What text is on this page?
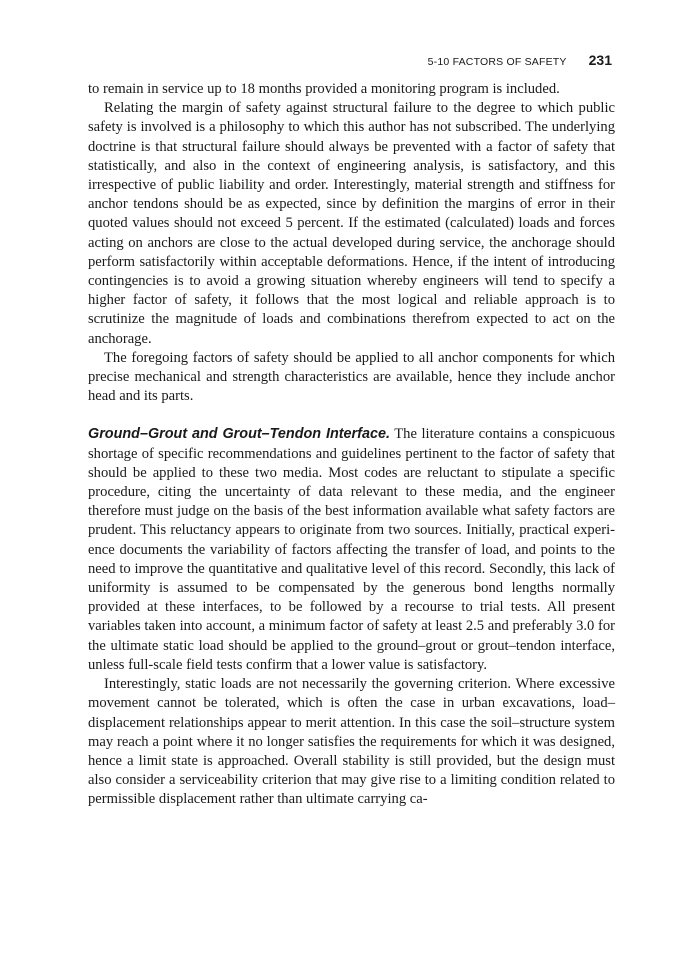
5-10 FACTORS OF SAFETY 231

to remain in service up to 18 months provided a monitoring program is included.

Relating the margin of safety against structural failure to the degree to which public safety is involved is a philosophy to which this author has not subscribed. The underlying doctrine is that structural failure should always be prevented with a factor of safety that statistically, and also in the context of engineering analysis, is satisfactory, and this irrespective of public liability and order. Interestingly, material strength and stiffness for anchor tendons should be as expected, since by definition the margins of error in their quoted values should not exceed 5 percent. If the estimated (calculated) loads and forces acting on anchors are close to the actual developed during service, the anchorage should perform satisfactorily within acceptable deformations. Hence, if the intent of introducing contingencies is to avoid a growing situation whereby engineers will tend to specify a higher factor of safety, it follows that the most logical and reliable approach is to scrutinize the magnitude of loads and combinations therefrom expected to act on the anchorage.

The foregoing factors of safety should be applied to all anchor components for which precise mechanical and strength characteristics are available, hence they include anchor head and its parts.

Ground–Grout and Grout–Tendon Interface. The literature contains a conspicuous shortage of specific recommendations and guidelines pertinent to the factor of safety that should be applied to these two media. Most codes are reluctant to stipulate a specific procedure, citing the uncertainty of data relevant to these media, and the engineer therefore must judge on the basis of the best information available what safety factors are prudent. This reluctancy appears to originate from two sources. Initially, practical experience documents the variability of factors affecting the transfer of load, and points to the need to improve the quantitative and qualitative level of this record. Secondly, this lack of uniformity is assumed to be compensated by the generous bond lengths normally provided at these interfaces, to be followed by a recourse to trial tests. All present variables taken into account, a minimum factor of safety at least 2.5 and preferably 3.0 for the ultimate static load should be applied to the ground–grout or grout–tendon interface, unless full-scale field tests confirm that a lower value is satisfactory.

Interestingly, static loads are not necessarily the governing criterion. Where excessive movement cannot be tolerated, which is often the case in urban excavations, load–displacement relationships appear to merit attention. In this case the soil–structure system may reach a point where it no longer satisfies the requirements for which it was designed, hence a limit state is approached. Overall stability is still provided, but the design must also consider a serviceability criterion that may give rise to a limiting condition related to permissible displacement rather than ultimate carrying ca-
